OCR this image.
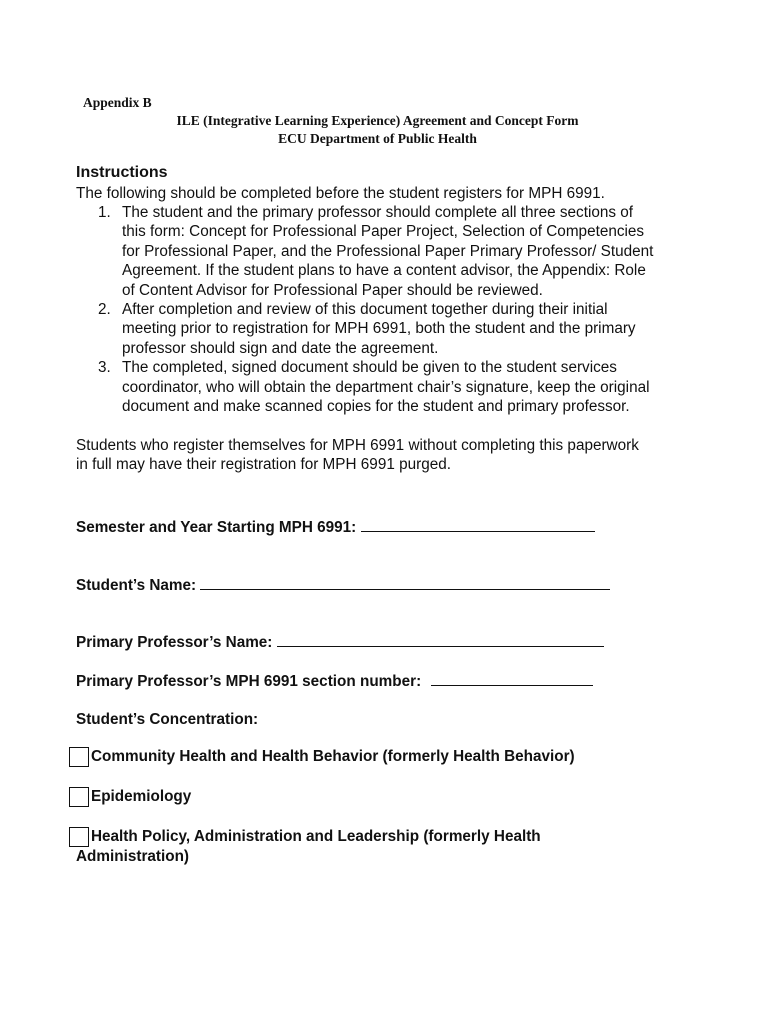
Appendix B
ILE (Integrative Learning Experience) Agreement and Concept Form
ECU Department of Public Health
Instructions
The following should be completed before the student registers for MPH 6991.
1. The student and the primary professor should complete all three sections of
this form: Concept for Professional Paper Project, Selection of Competencies
for Professional Paper, and the Professional Paper Primary Professor/ Student
Agreement. If the student plans to have a content advisor, the Appendix: Role
of Content Advisor for Professional Paper should be reviewed.
2. After completion and review of this document together during their initial
meeting prior to registration for MPH 6991, both the student and the primary
professor should sign and date the agreement.
3. The completed, signed document should be given to the student services
coordinator, who will obtain the department chair’s signature, keep the original
document and make scanned copies for the student and primary professor.
Students who register themselves for MPH 6991 without completing this paperwork
in full may have their registration for MPH 6991 purged.
Semester and Year Starting MPH 6991:
Student’s Name:
Primary Professor’s Name:
Primary Professor’s MPH 6991 section number:
Student’s Concentration:
Community Health and Health Behavior (formerly Health Behavior)
Epidemiology
Health Policy, Administration and Leadership (formerly Health
Administration)
